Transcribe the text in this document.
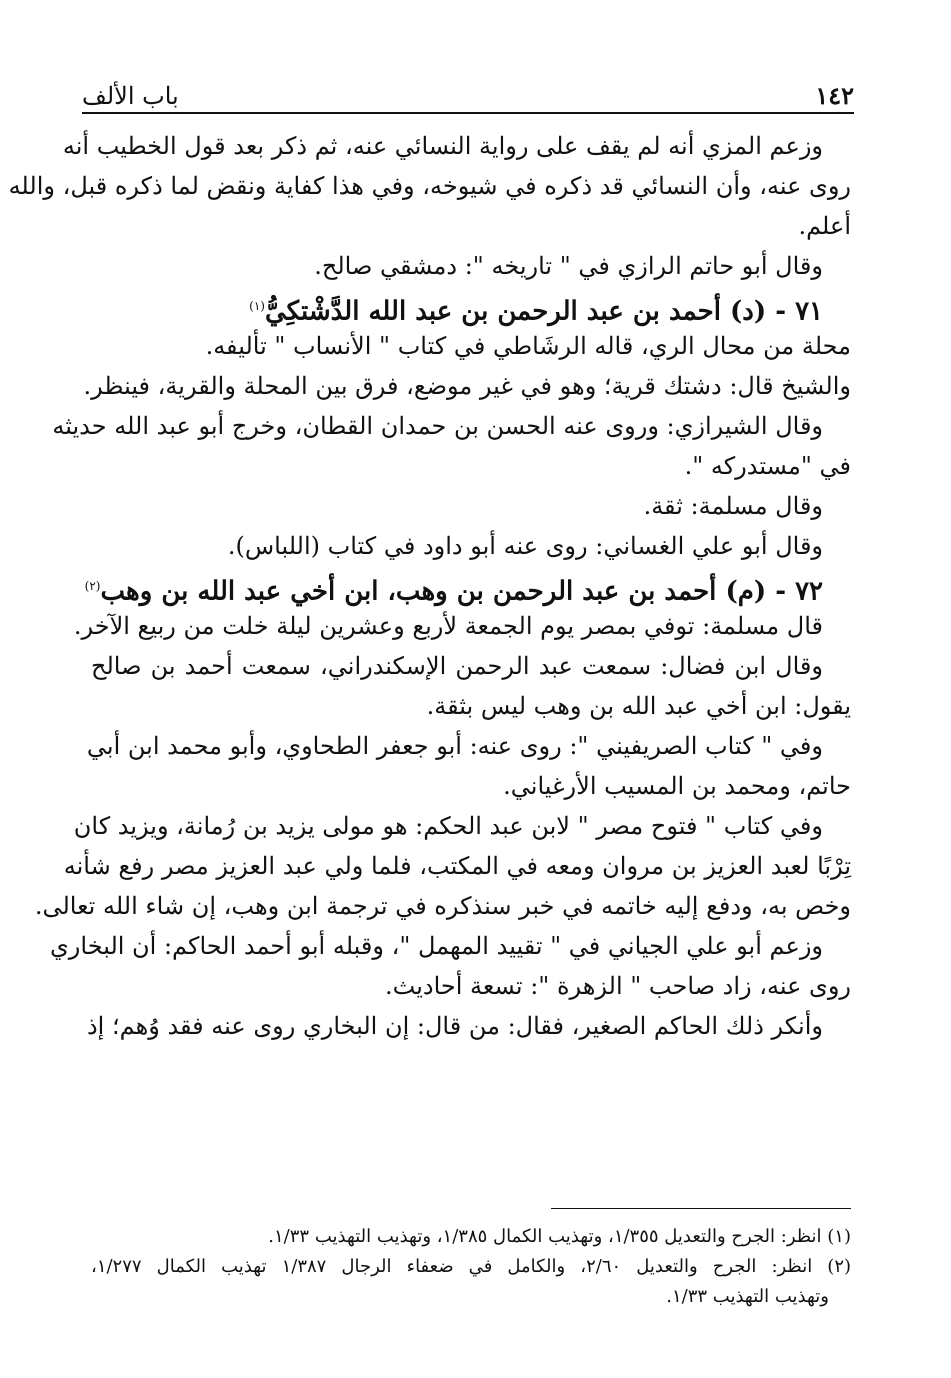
١٤٢
باب الألف
وزعم المزي أنه لم يقف على رواية النسائي عنه، ثم ذكر بعد قول الخطيب أنه
روى عنه، وأن النسائي قد ذكره في شيوخه، وفي هذا كفاية ونقض لما ذكره قبل، والله
أعلم.
وقال أبو حاتم الرازي في " تاريخه ": دمشقي صالح.
٧١ - (د) أحمد بن عبد الرحمن بن عبد الله الدَّشْتكِيُّ$^{(١)}$
محلة من محال الري، قاله الرشَاطي في كتاب " الأنساب " تأليفه.
والشيخ قال: دشتك قرية؛ وهو في غير موضع، فرق بين المحلة والقرية، فينظر.
وقال الشيرازي: وروى عنه الحسن بن حمدان القطان، وخرج أبو عبد الله حديثه
في "مستدركه ".
وقال مسلمة: ثقة.
وقال أبو علي الغساني: روى عنه أبو داود في كتاب (اللباس).
٧٢ - (م) أحمد بن عبد الرحمن بن وهب، ابن أخي عبد الله بن وهب$^{(٢)}$
قال مسلمة: توفي بمصر يوم الجمعة لأربع وعشرين ليلة خلت من ربيع الآخر.
وقال ابن فضال: سمعت عبد الرحمن الإسكندراني، سمعت أحمد بن صالح
يقول: ابن أخي عبد الله بن وهب ليس بثقة.
وفي " كتاب الصريفيني ": روى عنه: أبو جعفر الطحاوي، وأبو محمد ابن أبي
حاتم، ومحمد بن المسيب الأرغياني.
وفي كتاب " فتوح مصر " لابن عبد الحكم: هو مولى يزيد بن رُمانة، ويزيد كان
تِرْبًا لعبد العزيز بن مروان ومعه في المكتب، فلما ولي عبد العزيز مصر رفع شأنه
وخص به، ودفع إليه خاتمه في خبر سنذكره في ترجمة ابن وهب، إن شاء الله تعالى.
وزعم أبو علي الجياني في " تقييد المهمل "، وقبله أبو أحمد الحاكم: أن البخاري
روى عنه، زاد صاحب " الزهرة ": تسعة أحاديث.
وأنكر ذلك الحاكم الصغير، فقال: من قال: إن البخاري روى عنه فقد وُهم؛ إذ
(١) انظر: الجرح والتعديل ١/٣٥٥، وتهذيب الكمال ١/٣٨٥، وتهذيب التهذيب ١/٣٣.
(٢) انظر: الجرح والتعديل ٢/٦٠، والكامل في ضعفاء الرجال ١/٣٨٧ تهذيب الكمال ١/٢٧٧،
وتهذيب التهذيب ١/٣٣.
